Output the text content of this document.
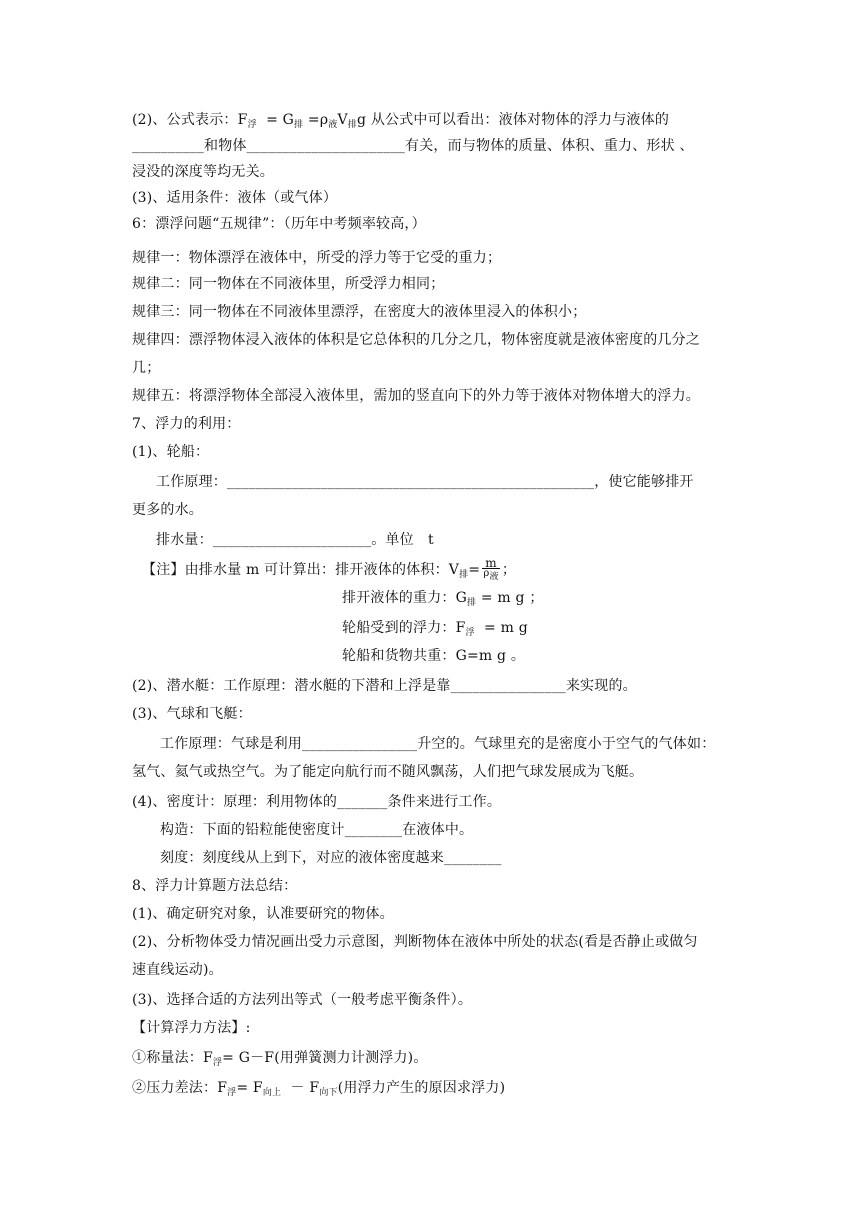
(2)、公式表示：$F_浮 = G_排 =\rho_液V_排g$ 从公式中可以看出：液体对物体的浮力与液体的
__________和物体______________________有关，而与物体的质量、体积、重力、形状 、
浸没的深度等均无关。
(3)、适用条件：液体（或气体）
6：漂浮问题“五规律”：（历年中考频率较高，）
规律一：物体漂浮在液体中，所受的浮力等于它受的重力；
规律二：同一物体在不同液体里，所受浮力相同；
规律三：同一物体在不同液体里漂浮，在密度大的液体里浸入的体积小；
规律四：漂浮物体浸入液体的体积是它总体积的几分之几，物体密度就是液体密度的几分之
几；
规律五：将漂浮物体全部浸入液体里，需加的竖直向下的外力等于液体对物体增大的浮力。
7、浮力的利用：
(1)、轮船：
工作原理：___________________________________________________，使它能够排开
更多的水。
排水量：______________________。单位　t
【注】由排水量 m 可计算出：排开液体的体积：$V_排= \frac{m}{\text{ρ液}}$ ；
排开液体的重力：$G_排 = m$ g ；
轮船受到的浮力：$F_浮 = m$ g
轮船和货物共重：G=m g 。
(2)、潜水艇：工作原理：潜水艇的下潜和上浮是靠________________来实现的。
(3)、气球和飞艇：
工作原理：气球是利用________________升空的。气球里充的是密度小于空气的气体如：
氢气、氦气或热空气。为了能定向航行而不随风飘荡，人们把气球发展成为飞艇。
(4)、密度计：原理：利用物体的_______条件来进行工作。
构造：下面的铅粒能使密度计________在液体中。
刻度：刻度线从上到下，对应的液体密度越来________
8、浮力计算题方法总结：
(1)、确定研究对象，认准要研究的物体。
(2)、分析物体受力情况画出受力示意图，判断物体在液体中所处的状态(看是否静止或做匀
速直线运动)。
(3)、选择合适的方法列出等式（一般考虑平衡条件）。
【计算浮力方法】:
①称量法：$F_浮= G-F$(用弹簧测力计测浮力)。
②压力差法：$F_浮= F_{向上} - F_{向下}$(用浮力产生的原因求浮力)
